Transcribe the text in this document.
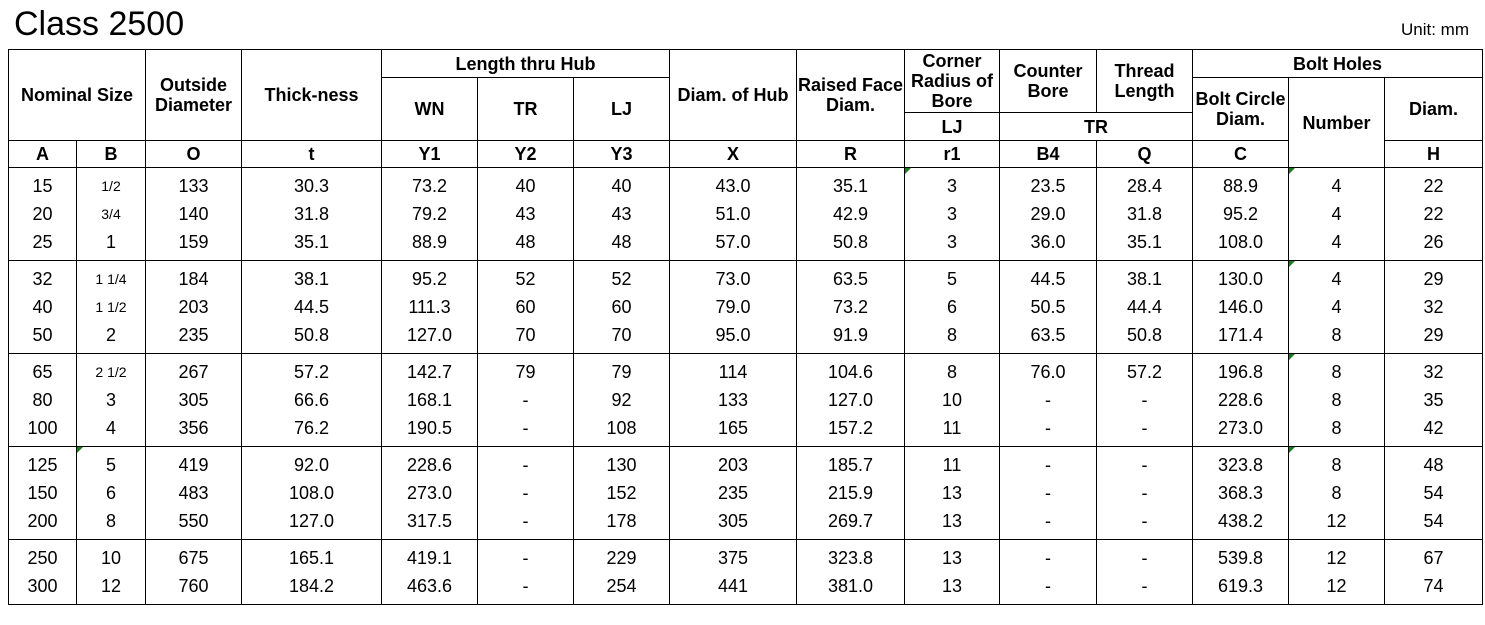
Class 2500	Unit: mm
Nominal Size		Outside Diameter	Thick-ness	Length thru Hub			Diam. of Hub	Raised Face Diam.	Corner Radius of Bore	Counter Bore	Thread Length	Bolt Holes		
				WN	TR	LJ						Bolt Circle Diam.	Number	Diam.
									LJ	TR				
A	B	O	t	Y1	Y2	Y3	X	R	r1	B4	Q	C		H
15	1/2	133	30.3	73.2	40	40	43.0	35.1	3	23.5	28.4	88.9	4	22
20	3/4	140	31.8	79.2	43	43	51.0	42.9	3	29.0	31.8	95.2	4	22
25	1	159	35.1	88.9	48	48	57.0	50.8	3	36.0	35.1	108.0	4	26
32	1 1/4	184	38.1	95.2	52	52	73.0	63.5	5	44.5	38.1	130.0	4	29
40	1 1/2	203	44.5	111.3	60	60	79.0	73.2	6	50.5	44.4	146.0	4	32
50	2	235	50.8	127.0	70	70	95.0	91.9	8	63.5	50.8	171.4	8	29
65	2 1/2	267	57.2	142.7	79	79	114	104.6	8	76.0	57.2	196.8	8	32
80	3	305	66.6	168.1	-	92	133	127.0	10	-	-	228.6	8	35
100	4	356	76.2	190.5	-	108	165	157.2	11	-	-	273.0	8	42
125	5	419	92.0	228.6	-	130	203	185.7	11	-	-	323.8	8	48
150	6	483	108.0	273.0	-	152	235	215.9	13	-	-	368.3	8	54
200	8	550	127.0	317.5	-	178	305	269.7	13	-	-	438.2	12	54
250	10	675	165.1	419.1	-	229	375	323.8	13	-	-	539.8	12	67
300	12	760	184.2	463.6	-	254	441	381.0	13	-	-	619.3	12	74
